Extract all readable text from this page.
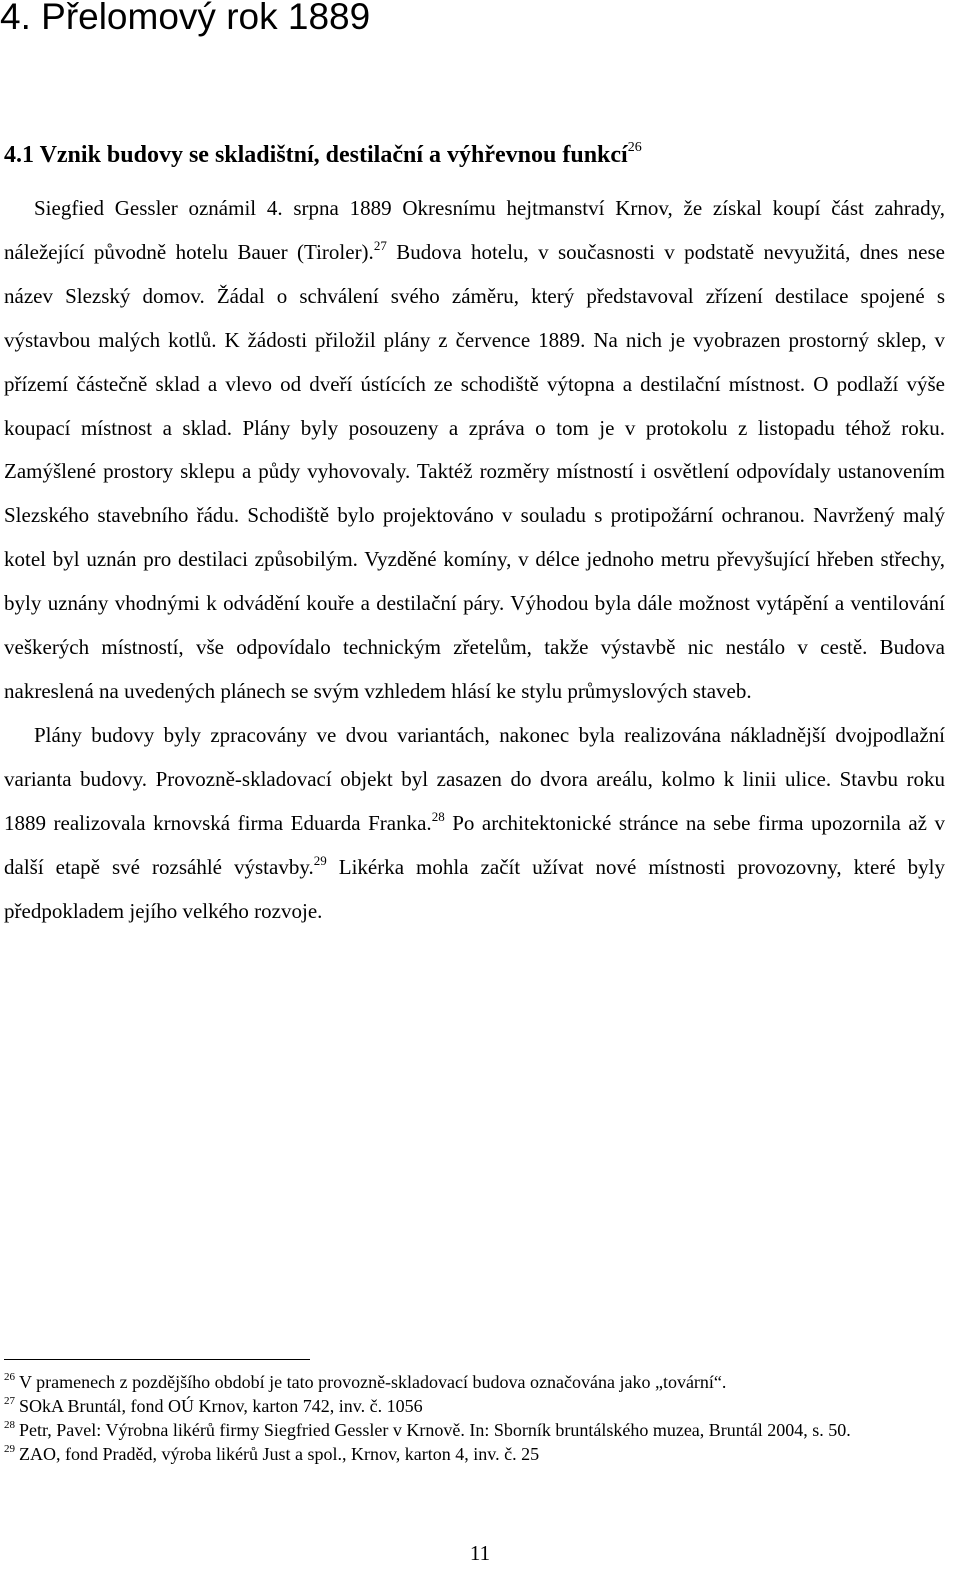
4. Přelomový rok 1889
4.1 Vznik budovy se skladištní, destilační a výhřevnou funkcí$^{26}$

Siegfied Gessler oznámil 4. srpna 1889 Okresnímu hejtmanství Krnov, že získal koupí část zahrady, náležející původně hotelu Bauer (Tiroler).$^{27}$ Budova hotelu, v současnosti v podstatě nevyužitá, dnes nese název Slezský domov. Žádal o schválení svého záměru, který představoval zřízení destilace spojené s výstavbou malých kotlů. K žádosti přiložil plány z července 1889. Na nich je vyobrazen prostorný sklep, v přízemí částečně sklad a vlevo od dveří ústících ze schodiště výtopna a destilační místnost. O podlaží výše koupací místnost a sklad. Plány byly posouzeny a zpráva o tom je v protokolu z listopadu téhož roku. Zamýšlené prostory sklepu a půdy vyhovovaly. Taktéž rozměry místností i osvětlení odpovídaly ustanovením Slezského stavebního řádu. Schodiště bylo projektováno v souladu s protipožární ochranou. Navržený malý kotel byl uznán pro destilaci způsobilým. Vyzděné komíny, v délce jednoho metru převyšující hřeben střechy, byly uznány vhodnými k odvádění kouře a destilační páry. Výhodou byla dále možnost vytápění a ventilování veškerých místností, vše odpovídalo technickým zřetelům, takže výstavbě nic nestálo v cestě. Budova nakreslená na uvedených plánech se svým vzhledem hlásí ke stylu průmyslových staveb.

Plány budovy byly zpracovány ve dvou variantách, nakonec byla realizována nákladnější dvojpodlažní varianta budovy. Provozně-skladovací objekt byl zasazen do dvora areálu, kolmo k linii ulice. Stavbu roku 1889 realizovala krnovská firma Eduarda Franka.$^{28}$ Po architektonické stránce na sebe firma upozornila až v další etapě své rozsáhlé výstavby.$^{29}$ Likérka mohla začít užívat nové místnosti provozovny, které byly předpokladem jejího velkého rozvoje.

$^{26}$ V pramenech z pozdějšího období je tato provozně-skladovací budova označována jako „tovární“.

$^{27}$ SOkA Bruntál, fond OÚ Krnov, karton 742, inv. č. 1056

$^{28}$ Petr, Pavel: Výrobna likérů firmy Siegfried Gessler v Krnově. In: Sborník bruntálského muzea, Bruntál 2004, s. 50.

$^{29}$ ZAO, fond Praděd, výroba likérů Just a spol., Krnov, karton 4, inv. č. 25

11
